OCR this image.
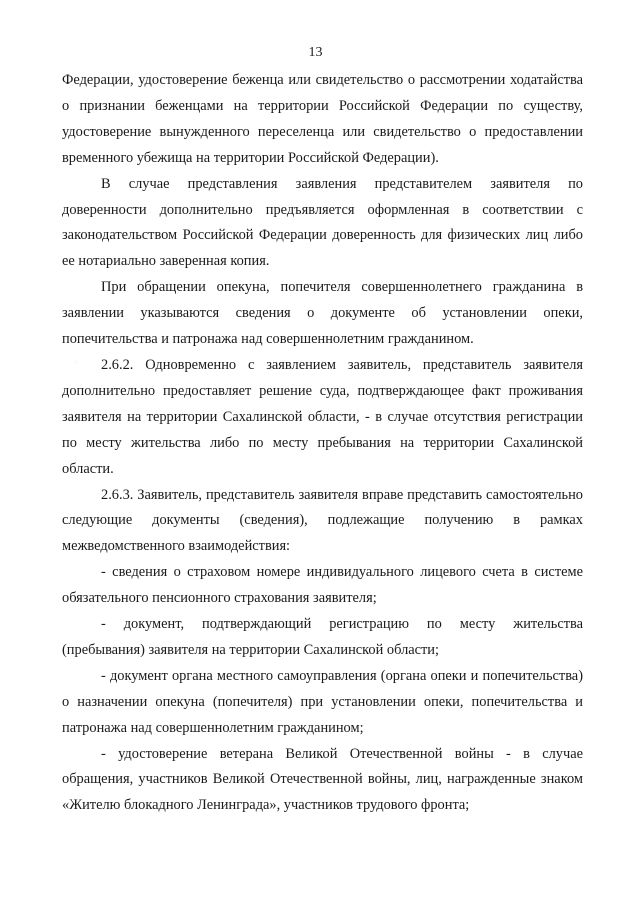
13

Федерации, удостоверение беженца или свидетельство о рассмотрении ходатайства о признании беженцами на территории Российской Федерации по существу, удостоверение вынужденного переселенца или свидетельство о предоставлении временного убежища на территории Российской Федерации).

В случае представления заявления представителем заявителя по доверенности дополнительно предъявляется оформленная в соответствии с законодательством Российской Федерации доверенность для физических лиц либо ее нотариально заверенная копия.

При обращении опекуна, попечителя совершеннолетнего гражданина в заявлении указываются сведения о документе об установлении опеки, попечительства и патронажа над совершеннолетним гражданином.

2.6.2. Одновременно с заявлением заявитель, представитель заявителя дополнительно предоставляет решение суда, подтверждающее факт проживания заявителя на территории Сахалинской области, - в случае отсутствия регистрации по месту жительства либо по месту пребывания на территории Сахалинской области.

2.6.3. Заявитель, представитель заявителя вправе представить самостоятельно следующие документы (сведения), подлежащие получению в рамках межведомственного взаимодействия:

- сведения о страховом номере индивидуального лицевого счета в системе обязательного пенсионного страхования заявителя;

- документ, подтверждающий регистрацию по месту жительства (пребывания) заявителя на территории Сахалинской области;

- документ органа местного самоуправления (органа опеки и попечительства) о назначении опекуна (попечителя) при установлении опеки, попечительства и патронажа над совершеннолетним гражданином;

- удостоверение ветерана Великой Отечественной войны - в случае обращения, участников Великой Отечественной войны, лиц, награжденные знаком «Жителю блокадного Ленинграда», участников трудового фронта;
